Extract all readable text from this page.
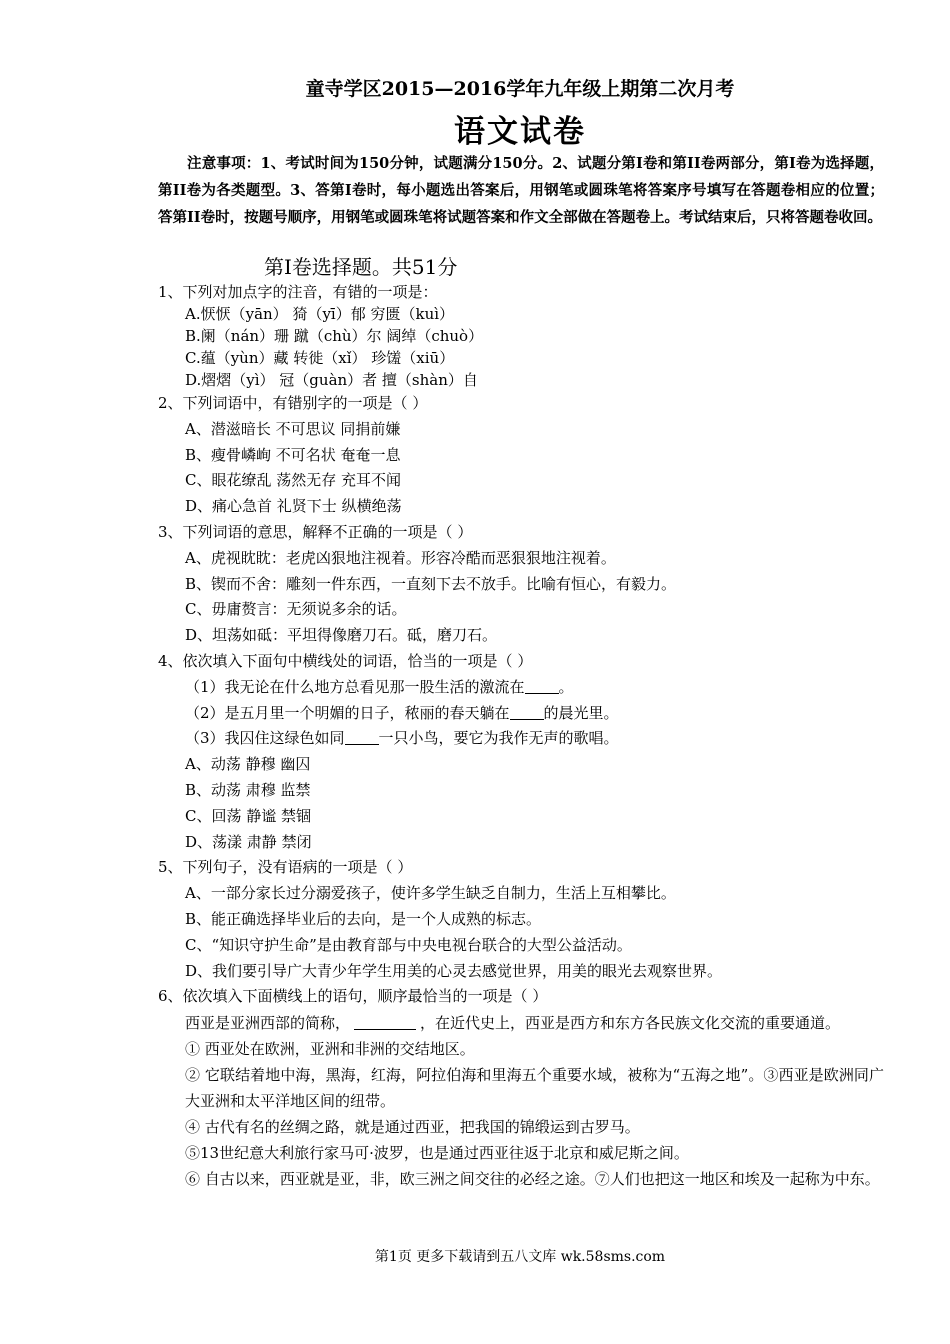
童寺学区2015—2016学年九年级上期第二次月考
语文试卷
注意事项：1、考试时间为150分钟，试题满分150分。2、试题分第I卷和第II卷两部分，第I卷为选择题，第II卷为各类题型。3、答第I卷时，每小题选出答案后，用钢笔或圆珠笔将答案序号填写在答题卷相应的位置；答第II卷时，按题号顺序，用钢笔或圆珠笔将试题答案和作文全部做在答题卷上。考试结束后，只将答题卷收回。
第I卷选择题。共51分
1、下列对加点字的注音，有错的一项是：
A.恹恹（yān） 猗（yī）郁 穷匮（kuì）
B.阑（nán）珊 蹴（chù）尔 阔绰（chuò）
C.蕴（yùn）藏 转徙（xǐ） 珍馐（xiū）
D.熠熠（yì） 冠（guàn）者 擅（shàn）自
2、下列词语中，有错别字的一项是（ ）
A、潜滋暗长 不可思议 同捐前嫌
B、瘦骨嶙峋 不可名状 奄奄一息
C、眼花缭乱 荡然无存 充耳不闻
D、痛心急首 礼贤下士 纵横绝荡
3、下列词语的意思，解释不正确的一项是（ ）
A、虎视眈眈：老虎凶狠地注视着。形容冷酷而恶狠狠地注视着。
B、锲而不舍：雕刻一件东西，一直刻下去不放手。比喻有恒心，有毅力。
C、毋庸赘言：无须说多余的话。
D、坦荡如砥：平坦得像磨刀石。砥，磨刀石。
4、依次填入下面句中横线处的词语，恰当的一项是（ ）
（1）我无论在什么地方总看见那一股生活的激流在 。
（2）是五月里一个明媚的日子，秾丽的春天躺在 的晨光里。
（3）我囚住这绿色如同 一只小鸟，要它为我作无声的歌唱。
A、动荡 静穆 幽囚
B、动荡 肃穆 监禁
C、回荡 静谧 禁锢
D、荡漾 肃静 禁闭
5、下列句子，没有语病的一项是（ ）
A、一部分家长过分溺爱孩子，使许多学生缺乏自制力，生活上互相攀比。
B、能正确选择毕业后的去向，是一个人成熟的标志。
C、“知识守护生命”是由教育部与中央电视台联合的大型公益活动。
D、我们要引导广大青少年学生用美的心灵去感觉世界，用美的眼光去观察世界。
6、依次填入下面横线上的语句，顺序最恰当的一项是（ ）
西亚是亚洲西部的简称，	，在近代史上，西亚是西方和东方各民族文化交流的重要通道。
① 西亚处在欧洲，亚洲和非洲的交结地区。
② 它联结着地中海，黑海，红海，阿拉伯海和里海五个重要水域，被称为“五海之地”。③西亚是欧洲同广大亚洲和太平洋地区间的纽带。
④ 古代有名的丝绸之路，就是通过西亚，把我国的锦缎运到古罗马。
⑤13世纪意大利旅行家马可·波罗，也是通过西亚往返于北京和威尼斯之间。
⑥ 自古以来，西亚就是亚，非，欧三洲之间交往的必经之途。⑦人们也把这一地区和埃及一起称为中东。
第1页 更多下载请到五八文库 wk.58sms.com
